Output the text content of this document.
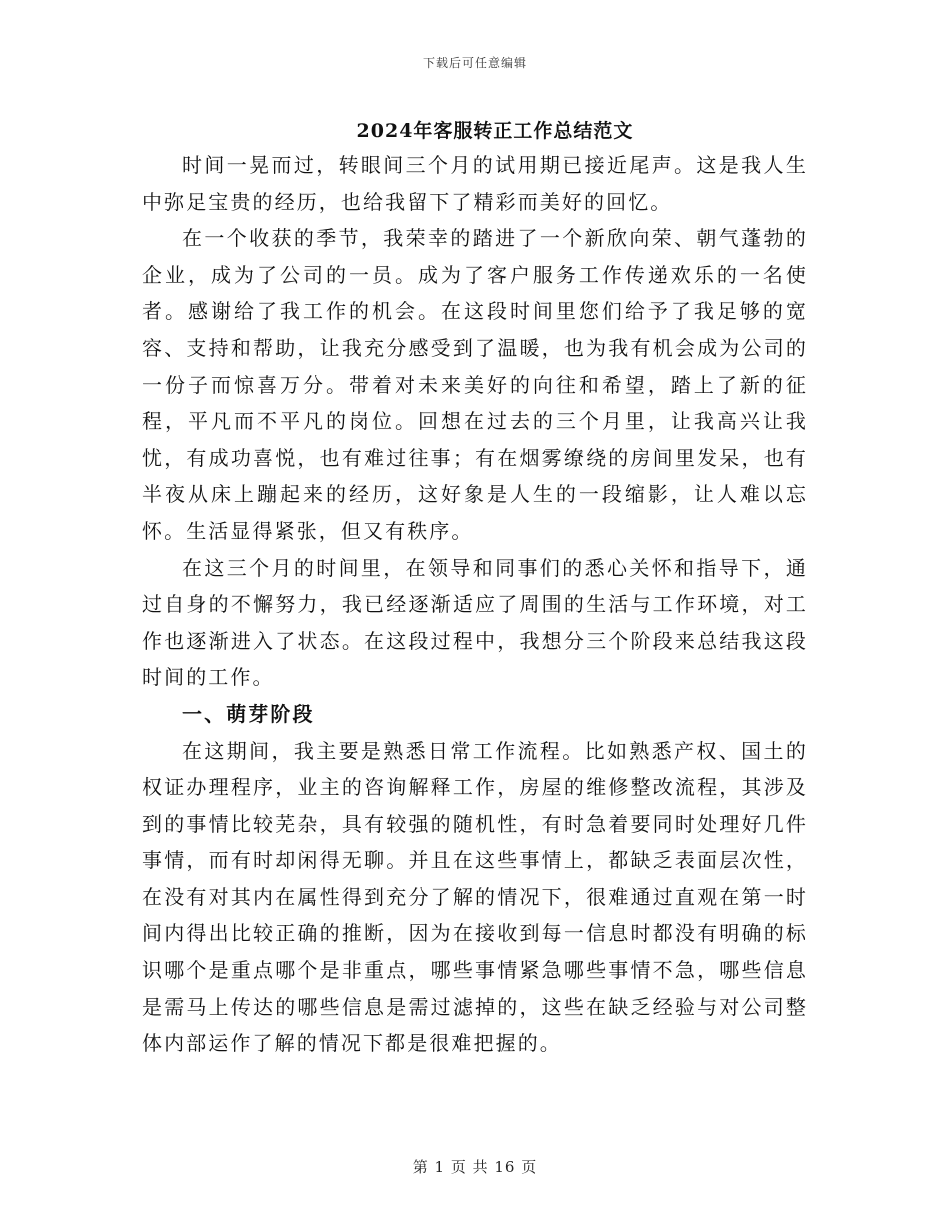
下载后可任意编辑
2024年客服转正工作总结范文

时间一晃而过，转眼间三个月的试用期已接近尾声。这是我人生中弥足宝贵的经历，也给我留下了精彩而美好的回忆。

在一个收获的季节，我荣幸的踏进了一个新欣向荣、朝气蓬勃的企业，成为了公司的一员。成为了客户服务工作传递欢乐的一名使者。感谢给了我工作的机会。在这段时间里您们给予了我足够的宽容、支持和帮助，让我充分感受到了温暖，也为我有机会成为公司的一份子而惊喜万分。带着对未来美好的向往和希望，踏上了新的征程，平凡而不平凡的岗位。回想在过去的三个月里，让我高兴让我忧，有成功喜悦，也有难过往事；有在烟雾缭绕的房间里发呆，也有半夜从床上蹦起来的经历，这好象是人生的一段缩影，让人难以忘怀。生活显得紧张，但又有秩序。

在这三个月的时间里，在领导和同事们的悉心关怀和指导下，通过自身的不懈努力，我已经逐渐适应了周围的生活与工作环境，对工作也逐渐进入了状态。在这段过程中，我想分三个阶段来总结我这段时间的工作。

一、萌芽阶段

在这期间，我主要是熟悉日常工作流程。比如熟悉产权、国土的权证办理程序，业主的咨询解释工作，房屋的维修整改流程，其涉及到的事情比较芜杂，具有较强的随机性，有时急着要同时处理好几件事情，而有时却闲得无聊。并且在这些事情上，都缺乏表面层次性，在没有对其内在属性得到充分了解的情况下，很难通过直观在第一时间内得出比较正确的推断，因为在接收到每一信息时都没有明确的标识哪个是重点哪个是非重点，哪些事情紧急哪些事情不急，哪些信息是需马上传达的哪些信息是需过滤掉的，这些在缺乏经验与对公司整体内部运作了解的情况下都是很难把握的。

第 1 页 共 16 页
